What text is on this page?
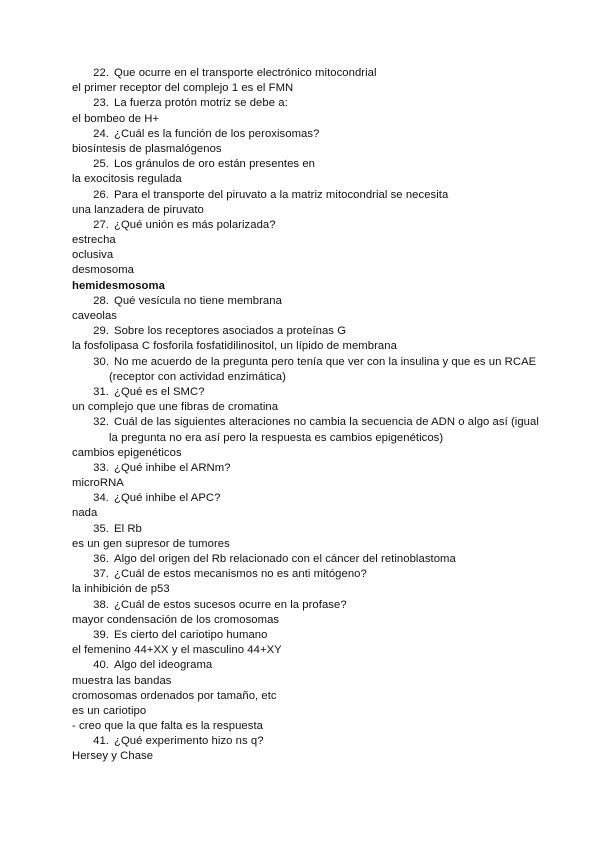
22. Que ocurre en el transporte electrónico mitocondrial
el primer receptor del complejo 1 es el FMN
23. La fuerza protón motriz se debe a:
el bombeo de H+
24. ¿Cuál es la función de los peroxisomas?
biosíntesis de plasmalógenos
25. Los gránulos de oro están presentes en
la exocitosis regulada
26. Para el transporte del piruvato a la matriz mitocondrial se necesita
una lanzadera de piruvato
27. ¿Qué unión es más polarizada?
estrecha
oclusiva
desmosoma
hemidesmosoma
28. Qué vesícula no tiene membrana
caveolas
29. Sobre los receptores asociados a proteínas G
la fosfolipasa C fosforila fosfatidilinositol, un lípido de membrana
30. No me acuerdo de la pregunta pero tenía que ver con la insulina y que es un RCAE
(receptor con actividad enzimática)
31. ¿Qué es el SMC?
un complejo que une fibras de cromatina
32. Cuál de las siguientes alteraciones no cambia la secuencia de ADN o algo así (igual
la pregunta no era así pero la respuesta es cambios epigenéticos)
cambios epigenéticos
33. ¿Qué inhibe el ARNm?
microRNA
34. ¿Qué inhibe el APC?
nada
35. El Rb
es un gen supresor de tumores
36. Algo del origen del Rb relacionado con el cáncer del retinoblastoma
37. ¿Cuál de estos mecanismos no es anti mitógeno?
la inhibición de p53
38. ¿Cuál de estos sucesos ocurre en la profase?
mayor condensación de los cromosomas
39. Es cierto del cariotipo humano
el femenino 44+XX y el masculino 44+XY
40. Algo del ideograma
muestra las bandas
cromosomas ordenados por tamaño, etc
es un cariotipo
- creo que la que falta es la respuesta
41. ¿Qué experimento hizo ns q?
Hersey y Chase
